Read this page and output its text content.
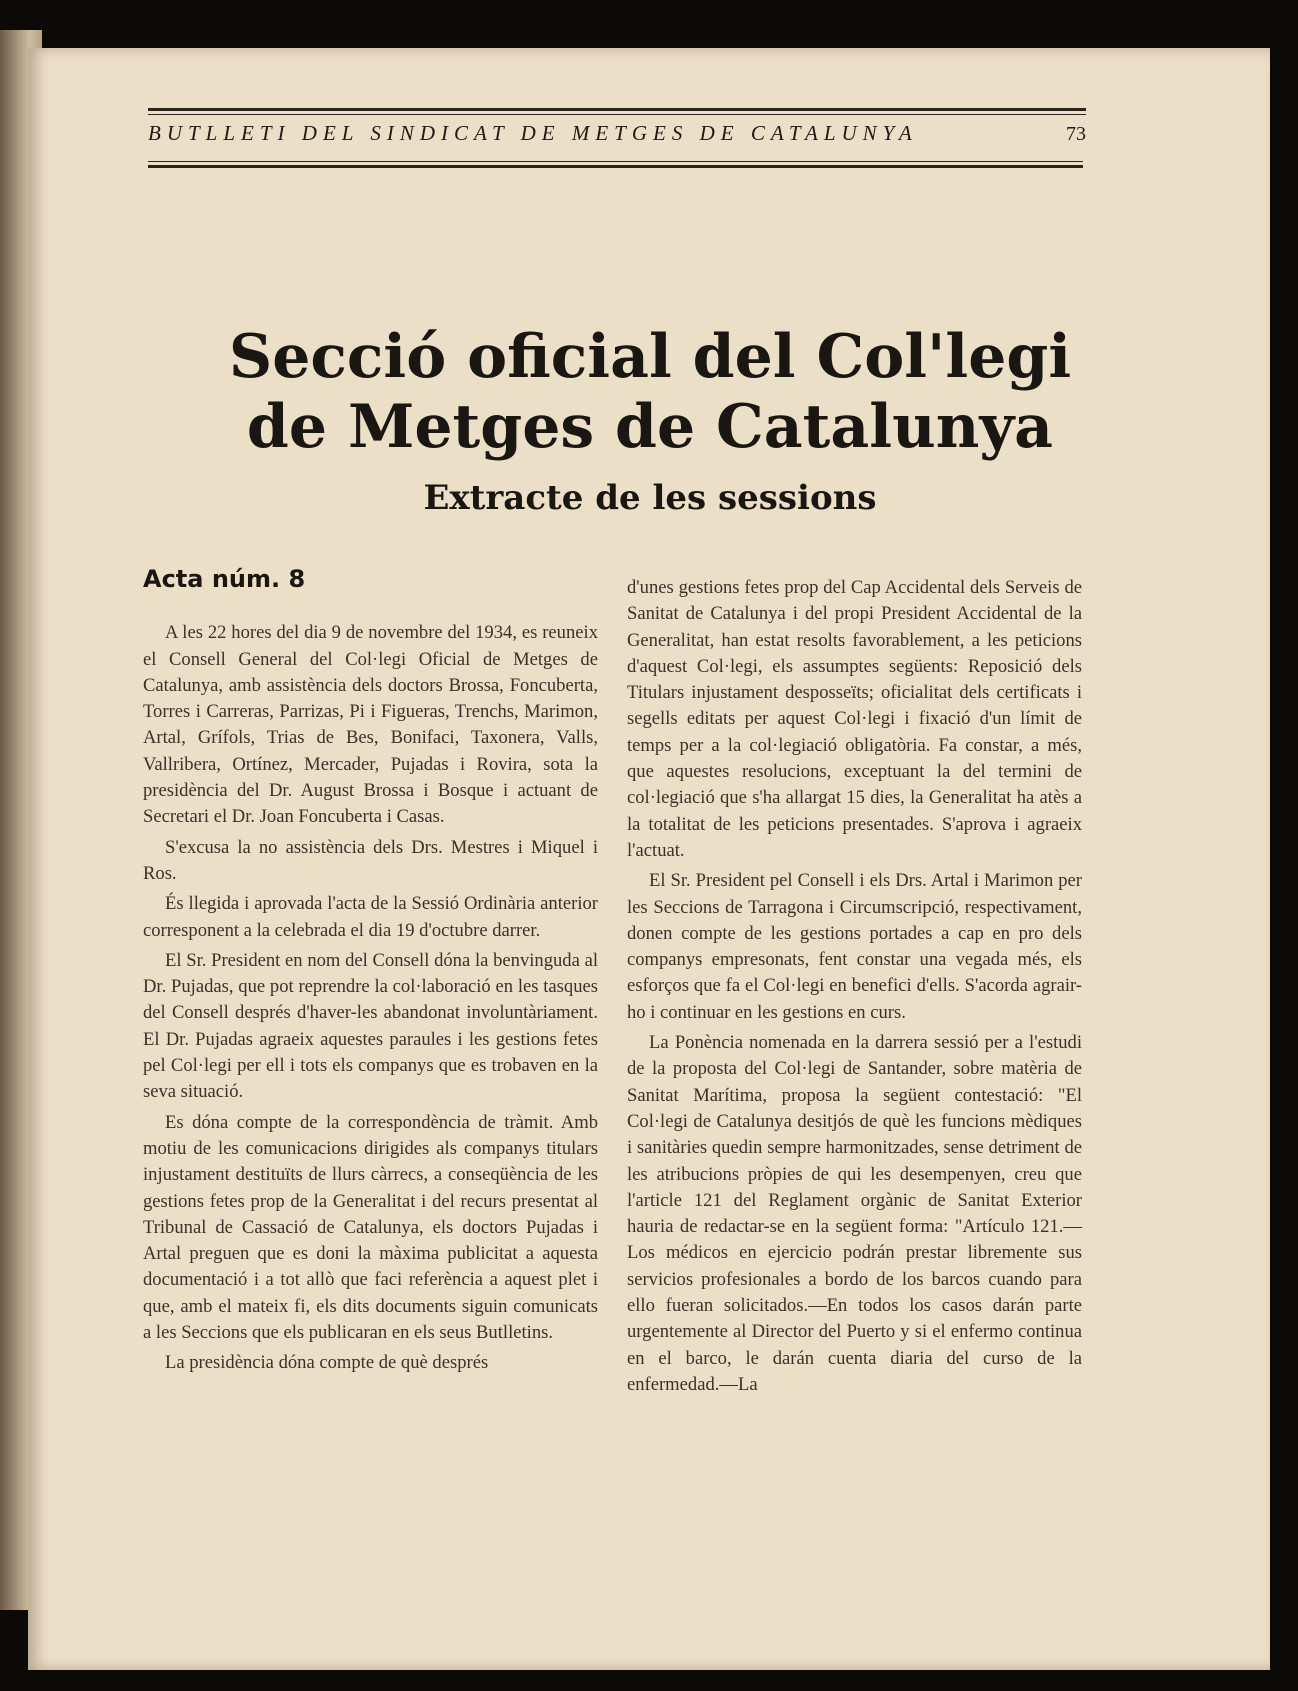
BUTLLETI DEL SINDICAT DE METGES DE CATALUNYA	73
Secció oficial del Col'legi
de Metges de Catalunya
Extracte de les sessions
Acta núm. 8

A les 22 hores del dia 9 de novembre del 1934, es reuneix el Consell General del Col·legi Oficial de Metges de Catalunya, amb assistència dels doctors Brossa, Foncuberta, Torres i Carreras, Parrizas, Pi i Figueras, Trenchs, Marimon, Artal, Grífols, Trias de Bes, Bonifaci, Taxonera, Valls, Vallribera, Ortínez, Mercader, Pujadas i Rovira, sota la presidència del Dr. August Brossa i Bosque i actuant de Secretari el Dr. Joan Foncuberta i Casas.

S'excusa la no assistència dels Drs. Mestres i Miquel i Ros.

És llegida i aprovada l'acta de la Sessió Ordinària anterior corresponent a la celebrada el dia 19 d'octubre darrer.

El Sr. President en nom del Consell dóna la benvinguda al Dr. Pujadas, que pot reprendre la col·laboració en les tasques del Consell després d'haver-les abandonat involuntàriament. El Dr. Pujadas agraeix aquestes paraules i les gestions fetes pel Col·legi per ell i tots els companys que es trobaven en la seva situació.

Es dóna compte de la correspondència de tràmit. Amb motiu de les comunicacions dirigides als companys titulars injustament destituïts de llurs càrrecs, a conseqüència de les gestions fetes prop de la Generalitat i del recurs presentat al Tribunal de Cassació de Catalunya, els doctors Pujadas i Artal preguen que es doni la màxima publicitat a aquesta documentació i a tot allò que faci referència a aquest plet i que, amb el mateix fi, els dits documents siguin comunicats a les Seccions que els publicaran en els seus Butlletins.

La presidència dóna compte de què després

d'unes gestions fetes prop del Cap Accidental dels Serveis de Sanitat de Catalunya i del propi President Accidental de la Generalitat, han estat resolts favorablement, a les peticions d'aquest Col·legi, els assumptes següents: Reposició dels Titulars injustament desposseïts; oficialitat dels certificats i segells editats per aquest Col·legi i fixació d'un límit de temps per a la col·legiació obligatòria. Fa constar, a més, que aquestes resolucions, exceptuant la del termini de col·legiació que s'ha allargat 15 dies, la Generalitat ha atès a la totalitat de les peticions presentades. S'aprova i agraeix l'actuat.

El Sr. President pel Consell i els Drs. Artal i Marimon per les Seccions de Tarragona i Circumscripció, respectivament, donen compte de les gestions portades a cap en pro dels companys empresonats, fent constar una vegada més, els esforços que fa el Col·legi en benefici d'ells. S'acorda agrair-ho i continuar en les gestions en curs.

La Ponència nomenada en la darrera sessió per a l'estudi de la proposta del Col·legi de Santander, sobre matèria de Sanitat Marítima, proposa la següent contestació: "El Col·legi de Catalunya desitjós de què les funcions mèdiques i sanitàries quedin sempre harmonitzades, sense detriment de les atribucions pròpies de qui les desempenyen, creu que l'article 121 del Reglament orgànic de Sanitat Exterior hauria de redactar-se en la següent forma: "Artículo 121.—Los médicos en ejercicio podrán prestar libremente sus servicios profesionales a bordo de los barcos cuando para ello fueran solicitados.—En todos los casos darán parte urgentemente al Director del Puerto y si el enfermo continua en el barco, le darán cuenta diaria del curso de la enfermedad.—La
